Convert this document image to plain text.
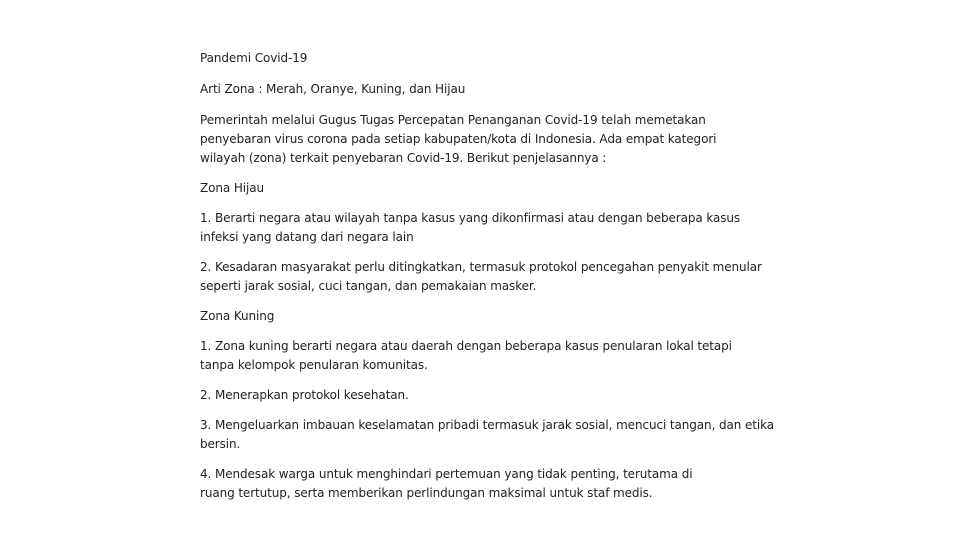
Pandemi Covid-19

Arti Zona : Merah, Oranye, Kuning, dan Hijau

Pemerintah melalui Gugus Tugas Percepatan Penanganan Covid-19 telah memetakan penyebaran virus corona pada setiap kabupaten/kota di Indonesia. Ada empat kategori wilayah (zona) terkait penyebaran Covid-19. Berikut penjelasannya :

Zona Hijau

1. Berarti negara atau wilayah tanpa kasus yang dikonfirmasi atau dengan beberapa kasus infeksi yang datang dari negara lain

2. Kesadaran masyarakat perlu ditingkatkan, termasuk protokol pencegahan penyakit menular seperti jarak sosial, cuci tangan, dan pemakaian masker.

Zona Kuning

1. Zona kuning berarti negara atau daerah dengan beberapa kasus penularan lokal tetapi tanpa kelompok penularan komunitas.

2. Menerapkan protokol kesehatan.

3. Mengeluarkan imbauan keselamatan pribadi termasuk jarak sosial, mencuci tangan, dan etika bersin.

4. Mendesak warga untuk menghindari pertemuan yang tidak penting, terutama di ruang tertutup, serta memberikan perlindungan maksimal untuk staf medis.
